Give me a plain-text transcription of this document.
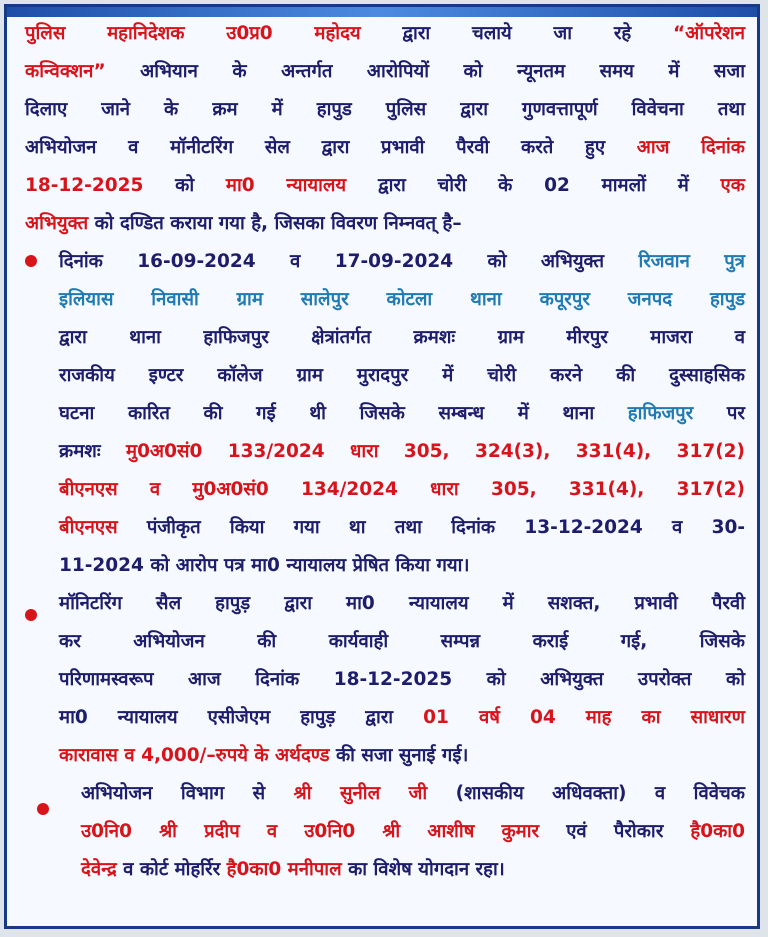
पुलिस महानिदेशक उ0प्र0 महोदय द्वारा चलाये जा रहे “ऑपरेशन

कन्विक्शन” अभियान के अन्तर्गत आरोपियों को न्यूनतम समय में सजा

दिलाए जाने के क्रम में हापुड पुलिस द्वारा गुणवत्तापूर्ण विवेचना तथा

अभियोजन व मॉनीटरिंग सेल द्वारा प्रभावी पैरवी करते हुए आज दिनांक

18-12-2025 को मा0 न्यायालय द्वारा चोरी के 02 मामलों में एक

अभियुक्त को दण्डित कराया गया है, जिसका विवरण निम्नवत् है–

दिनांक 16-09-2024 व 17-09-2024 को अभियुक्त रिजवान पुत्र

इलियास निवासी ग्राम सालेपुर कोटला थाना कपूरपुर जनपद हापुड

द्वारा थाना हाफिजपुर क्षेत्रांतर्गत क्रमशः ग्राम मीरपुर माजरा व

राजकीय इण्टर कॉलेज ग्राम मुरादपुर में चोरी करने की दुस्साहसिक

घटना कारित की गई थी जिसके सम्बन्ध में थाना हाफिजपुर पर

क्रमशः मु0अ0सं0 133/2024 धारा 305, 324(3), 331(4), 317(2)

बीएनएस व मु0अ0सं0 134/2024 धारा 305, 331(4), 317(2)

बीएनएस पंजीकृत किया गया था तथा दिनांक 13-12-2024 व 30-

11-2024 को आरोप पत्र मा0 न्यायालय प्रेषित किया गया।

मॉनिटरिंग सैल हापुड़ द्वारा मा0 न्यायालय में सशक्त, प्रभावी पैरवी

कर अभियोजन की कार्यवाही सम्पन्न कराई गई, जिसके

परिणामस्वरूप आज दिनांक 18-12-2025 को अभियुक्त उपरोक्त को

मा0 न्यायालय एसीजेएम हापुड़ द्वारा 01 वर्ष 04 माह का साधारण

कारावास व 4,000/–रुपये के अर्थदण्ड की सजा सुनाई गई।

अभियोजन विभाग से श्री सुनील जी (शासकीय अधिवक्ता) व विवेचक

उ0नि0 श्री प्रदीप व उ0नि0 श्री आशीष कुमार एवं पैरोकार है0का0

देवेन्द्र व कोर्ट मोहर्रिर है0का0 मनीपाल का विशेष योगदान रहा।
